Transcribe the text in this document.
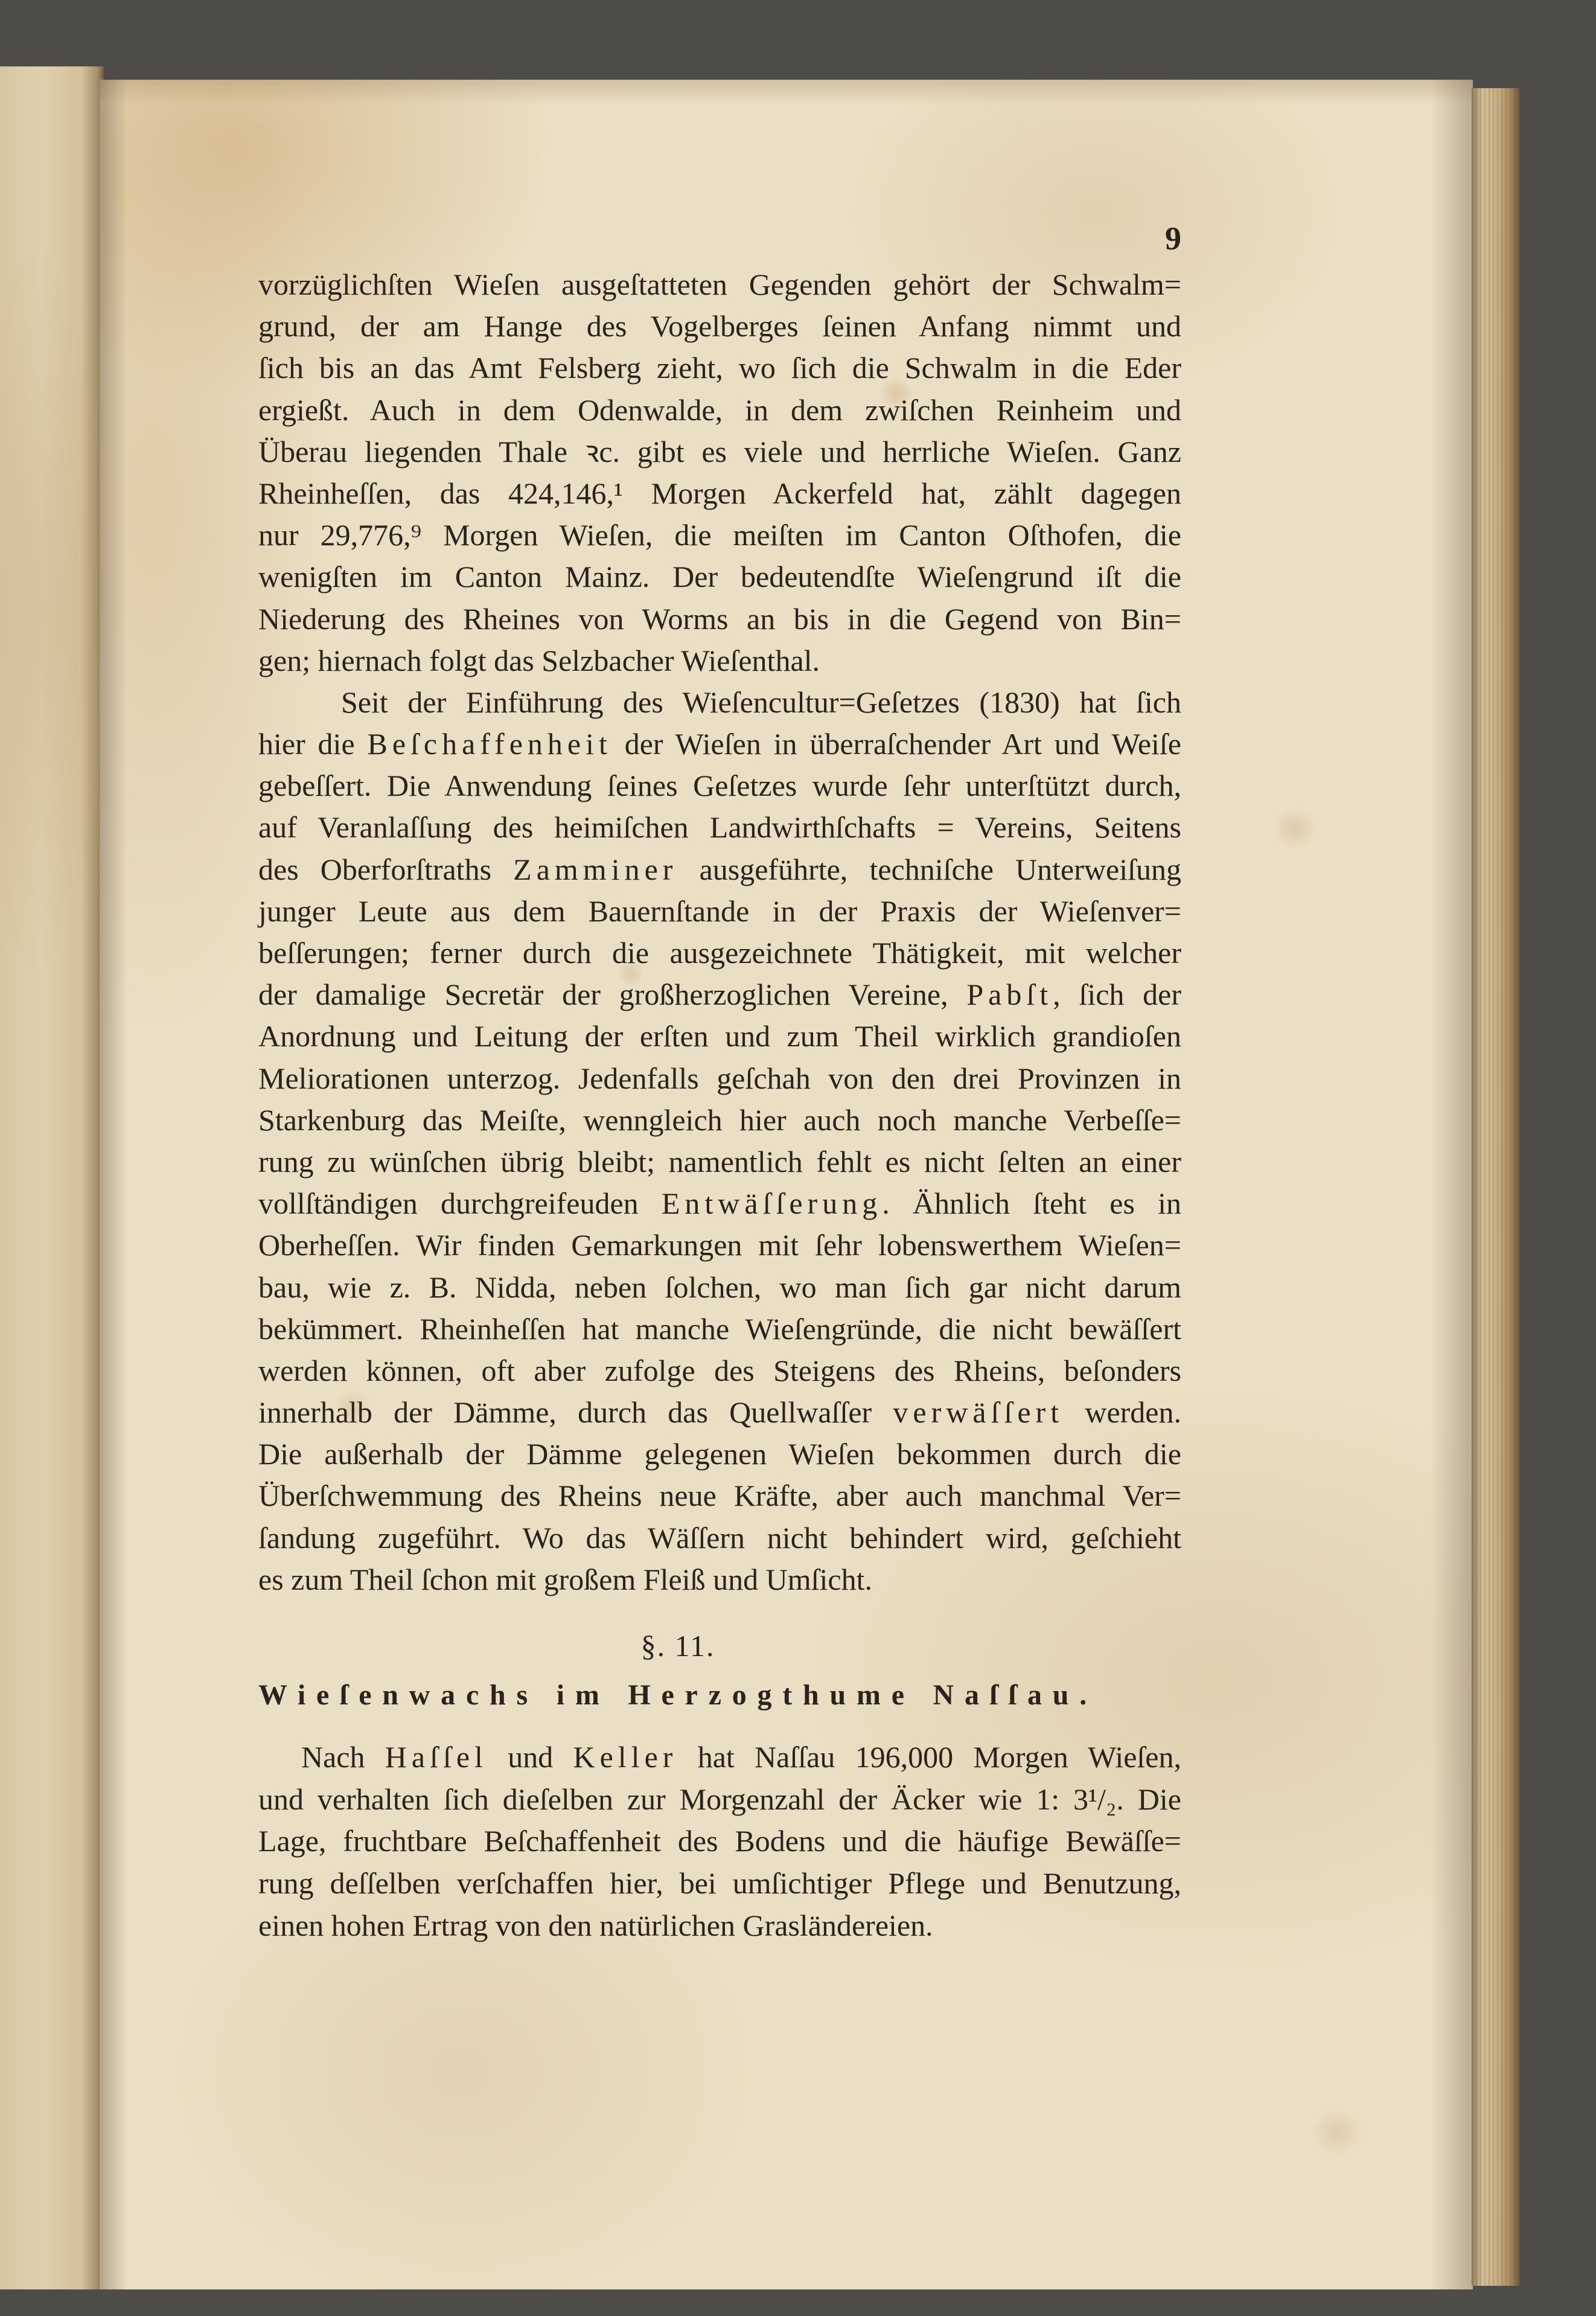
9
vorzüglichſten Wieſen ausgeſtatteten Gegenden gehört der Schwalm=
grund, der am Hange des Vogelberges ſeinen Anfang nimmt und
ſich bis an das Amt Felsberg zieht, wo ſich die Schwalm in die Eder
ergießt. Auch in dem Odenwalde, in dem zwiſchen Reinheim und
Überau liegenden Thale ꝛc. gibt es viele und herrliche Wieſen. Ganz
Rheinheſſen, das 424,146,¹ Morgen Ackerfeld hat, zählt dagegen
nur 29,776,⁹ Morgen Wieſen, die meiſten im Canton Oſthofen, die
wenigſten im Canton Mainz. Der bedeutendſte Wieſengrund iſt die
Niederung des Rheines von Worms an bis in die Gegend von Bin=
gen; hiernach folgt das Selzbacher Wieſenthal.
Seit der Einführung des Wieſencultur=Geſetzes (1830) hat ſich
hier die Beſchaffenheit der Wieſen in überraſchender Art und Weiſe
gebeſſert. Die Anwendung ſeines Geſetzes wurde ſehr unterſtützt durch,
auf Veranlaſſung des heimiſchen Landwirthſchafts = Vereins, Seitens
des Oberforſtraths Zamminer ausgeführte, techniſche Unterweiſung
junger Leute aus dem Bauernſtande in der Praxis der Wieſenver=
beſſerungen; ferner durch die ausgezeichnete Thätigkeit, mit welcher
der damalige Secretär der großherzoglichen Vereine, Pabſt, ſich der
Anordnung und Leitung der erſten und zum Theil wirklich grandioſen
Meliorationen unterzog. Jedenfalls geſchah von den drei Provinzen in
Starkenburg das Meiſte, wenngleich hier auch noch manche Verbeſſe=
rung zu wünſchen übrig bleibt; namentlich fehlt es nicht ſelten an einer
vollſtändigen durchgreifeuden Entwäſſerung. Ähnlich ſteht es in
Oberheſſen. Wir finden Gemarkungen mit ſehr lobenswerthem Wieſen=
bau, wie z. B. Nidda, neben ſolchen, wo man ſich gar nicht darum
bekümmert. Rheinheſſen hat manche Wieſengründe, die nicht bewäſſert
werden können, oft aber zufolge des Steigens des Rheins, beſonders
innerhalb der Dämme, durch das Quellwaſſer verwäſſert werden.
Die außerhalb der Dämme gelegenen Wieſen bekommen durch die
Überſchwemmung des Rheins neue Kräfte, aber auch manchmal Ver=
ſandung zugeführt. Wo das Wäſſern nicht behindert wird, geſchieht
es zum Theil ſchon mit großem Fleiß und Umſicht.
§. 11.
Wieſenwachs im Herzogthume Naſſau.
Nach Haſſel und Keller hat Naſſau 196,000 Morgen Wieſen,
und verhalten ſich dieſelben zur Morgenzahl der Äcker wie 1: 3¹/₂. Die
Lage, fruchtbare Beſchaffenheit des Bodens und die häufige Bewäſſe=
rung deſſelben verſchaffen hier, bei umſichtiger Pflege und Benutzung,
einen hohen Ertrag von den natürlichen Grasländereien.
